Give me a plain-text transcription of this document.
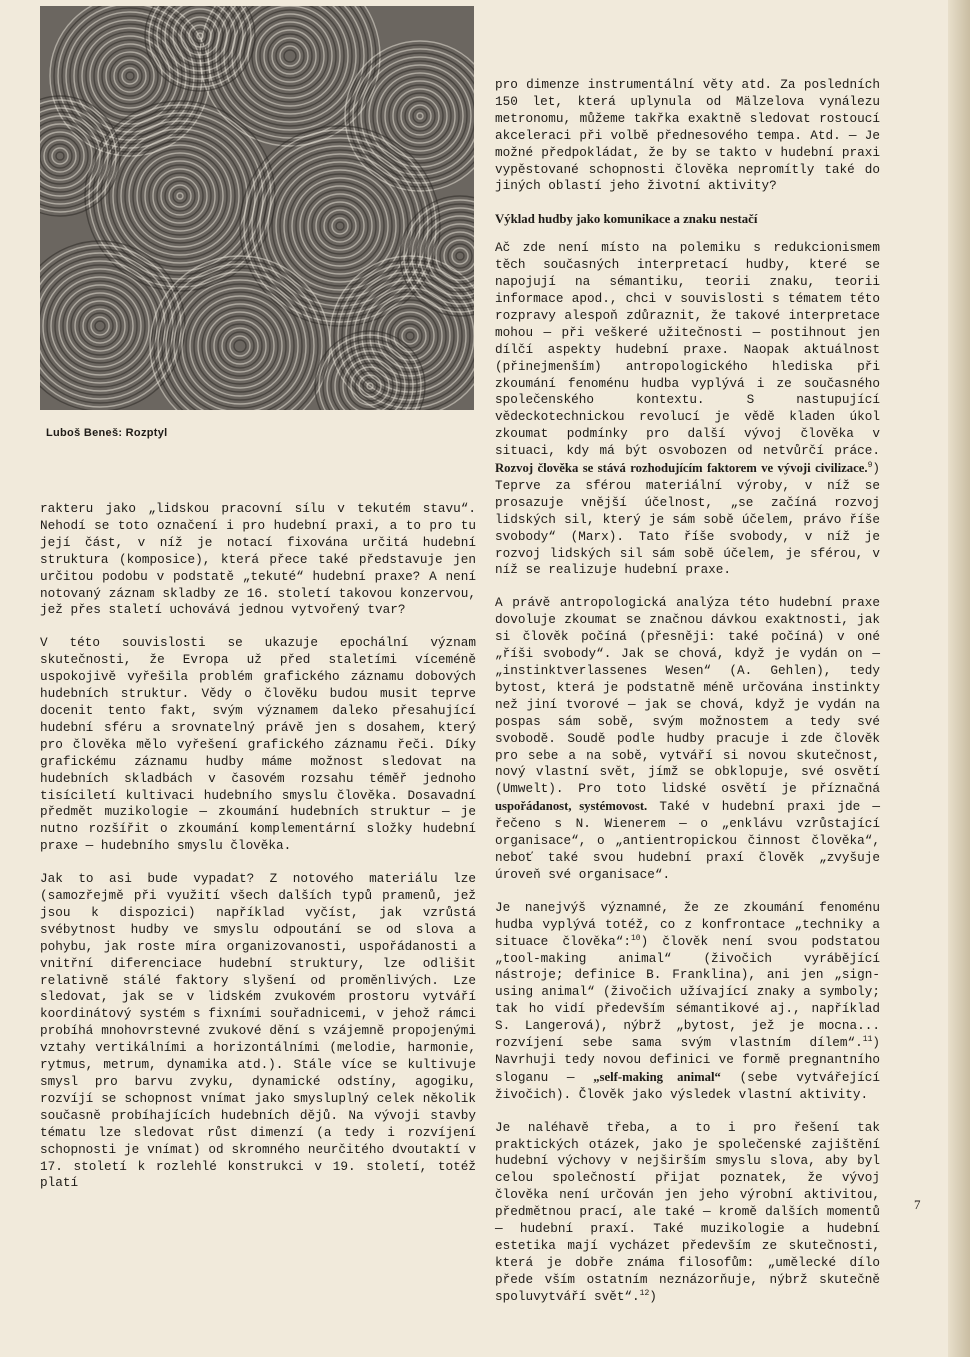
Luboš Beneš: Rozptyl

rakteru jako „lidskou pracovní sílu v tekutém stavu“. Nehodí se toto označení i pro hudební praxi, a to pro tu její část, v níž je notací fixována určitá hudební struktura (komposice), která přece také představuje jen určitou podobu v podstatě „tekuté“ hudební praxe? A není notovaný záznam skladby ze 16. století takovou konzervou, jež přes staletí uchovává jednou vytvořený tvar?

V této souvislosti se ukazuje epochální význam skutečnosti, že Evropa už před staletími víceméně uspokojivě vyřešila problém grafického záznamu dobových hudebních struktur. Vědy o člověku budou musit teprve docenit tento fakt, svým významem daleko přesahující hudební sféru a srovnatelný právě jen s dosahem, který pro člověka mělo vyřešení grafického záznamu řeči. Díky grafickému záznamu hudby máme možnost sledovat na hudebních skladbách v časovém rozsahu téměř jednoho tisíciletí kultivaci hudebního smyslu člověka. Dosavadní předmět muzikologie — zkoumání hudebních struktur — je nutno rozšířit o zkoumání komplementární složky hudební praxe — hudebního smyslu člověka.

Jak to asi bude vypadat? Z notového materiálu lze (samozřejmě při využití všech dalších typů pramenů, jež jsou k dispozici) například vyčíst, jak vzrůstá svébytnost hudby ve smyslu odpoutání se od slova a pohybu, jak roste míra organizovanosti, uspořádanosti a vnitřní diferenciace hudební struktury, lze odlišit relativně stálé faktory slyšení od proměnlivých. Lze sledovat, jak se v lidském zvukovém prostoru vytváří koordinátový systém s fixními souřadnicemi, v jehož rámci probíhá mnohovrstevné zvukové dění s vzájemně propojenými vztahy vertikálními a horizontálními (melodie, harmonie, rytmus, metrum, dynamika atd.). Stále více se kultivuje smysl pro barvu zvyku, dynamické odstíny, agogiku, rozvíjí se schopnost vnímat jako smysluplný celek několik současně probíhajících hudebních dějů. Na vývoji stavby tématu lze sledovat růst dimenzí (a tedy i rozvíjení schopnosti je vnímat) od skromného neurčitého dvoutaktí v 17. století k rozlehlé konstrukci v 19. století, totéž platí

pro dimenze instrumentální věty atd. Za posledních 150 let, která uplynula od Mälzelova vynálezu metronomu, můžeme takřka exaktně sledovat rostoucí akceleraci při volbě přednesového tempa. Atd. — Je možné předpokládat, že by se takto v hudební praxi vypěstované schopnosti člověka nepromítly také do jiných oblastí jeho životní aktivity?

Výklad hudby jako komunikace a znaku nestačí

Ač zde není místo na polemiku s redukcionismem těch současných interpretací hudby, které se napojují na sémantiku, teorii znaku, teorii informace apod., chci v souvislosti s tématem této rozpravy alespoň zdůraznit, že takové interpretace mohou — při veškeré užitečnosti — postihnout jen dílčí aspekty hudební praxe. Naopak aktuálnost (přinejmenším) antropologického hlediska při zkoumání fenoménu hudba vyplývá i ze současného společenského kontextu. S nastupující vědeckotechnickou revolucí je vědě kladen úkol zkoumat podmínky pro další vývoj člověka v situaci, kdy má být osvobozen od netvůrčí práce. Rozvoj člověka se stává rozhodujícím faktorem ve vývoji civilizace.$^9$) Teprve za sférou materiální výroby, v níž se prosazuje vnější účelnost, „se začíná rozvoj lidských sil, který je sám sobě účelem, právo říše svobody“ (Marx). Tato říše svobody, v níž je rozvoj lidských sil sám sobě účelem, je sférou, v níž se realizuje hudební praxe.

A právě antropologická analýza této hudební praxe dovoluje zkoumat se značnou dávkou exaktnosti, jak si člověk počíná (přesněji: také počíná) v oné „říši svobody“. Jak se chová, když je vydán on — „instinktverlassenes Wesen“ (A. Gehlen), tedy bytost, která je podstatně méně určována instinkty než jiní tvorové — jak se chová, když je vydán na pospas sám sobě, svým možnostem a tedy své svobodě. Soudě podle hudby pracuje i zde člověk pro sebe a na sobě, vytváří si novou skutečnost, nový vlastní svět, jímž se obklopuje, své osvětí (Umwelt). Pro toto lidské osvětí je příznačná uspořádanost, systémovost. Také v hudební praxi jde — řečeno s N. Wienerem — o „enklávu vzrůstající organisace“, o „antientropickou činnost člověka“, neboť také svou hudební praxí člověk „zvyšuje úroveň své organisace“.

Je nanejvýš významné, že ze zkoumání fenoménu hudba vyplývá totéž, co z konfrontace „techniky a situace člověka“:$^{10}$) člověk není svou podstatou „tool-making animal“ (živočich vyrábějící nástroje; definice B. Franklina), ani jen „sign-using animal“ (živočich užívající znaky a symboly; tak ho vidí především sémantikové aj., například S. Langerová), nýbrž „bytost, jež je mocna... rozvíjení sebe sama svým vlastním dílem“.$^{11}$) Navrhuji tedy novou definici ve formě pregnantního sloganu — „self-making animal“ (sebe vytvářející živočich). Člověk jako výsledek vlastní aktivity.

Je naléhavě třeba, a to i pro řešení tak praktických otázek, jako je společenské zajištění hudební výchovy v nejširším smyslu slova, aby byl celou společností přijat poznatek, že vývoj člověka není určován jen jeho výrobní aktivitou, předmětnou prací, ale také — kromě dalších momentů — hudební praxí. Také muzikologie a hudební estetika mají vycházet především ze skutečnosti, která je dobře známa filosofům: „umělecké dílo přede vším ostatním neznázorňuje, nýbrž skutečně spoluvytváří svět“.$^{12}$)

7
